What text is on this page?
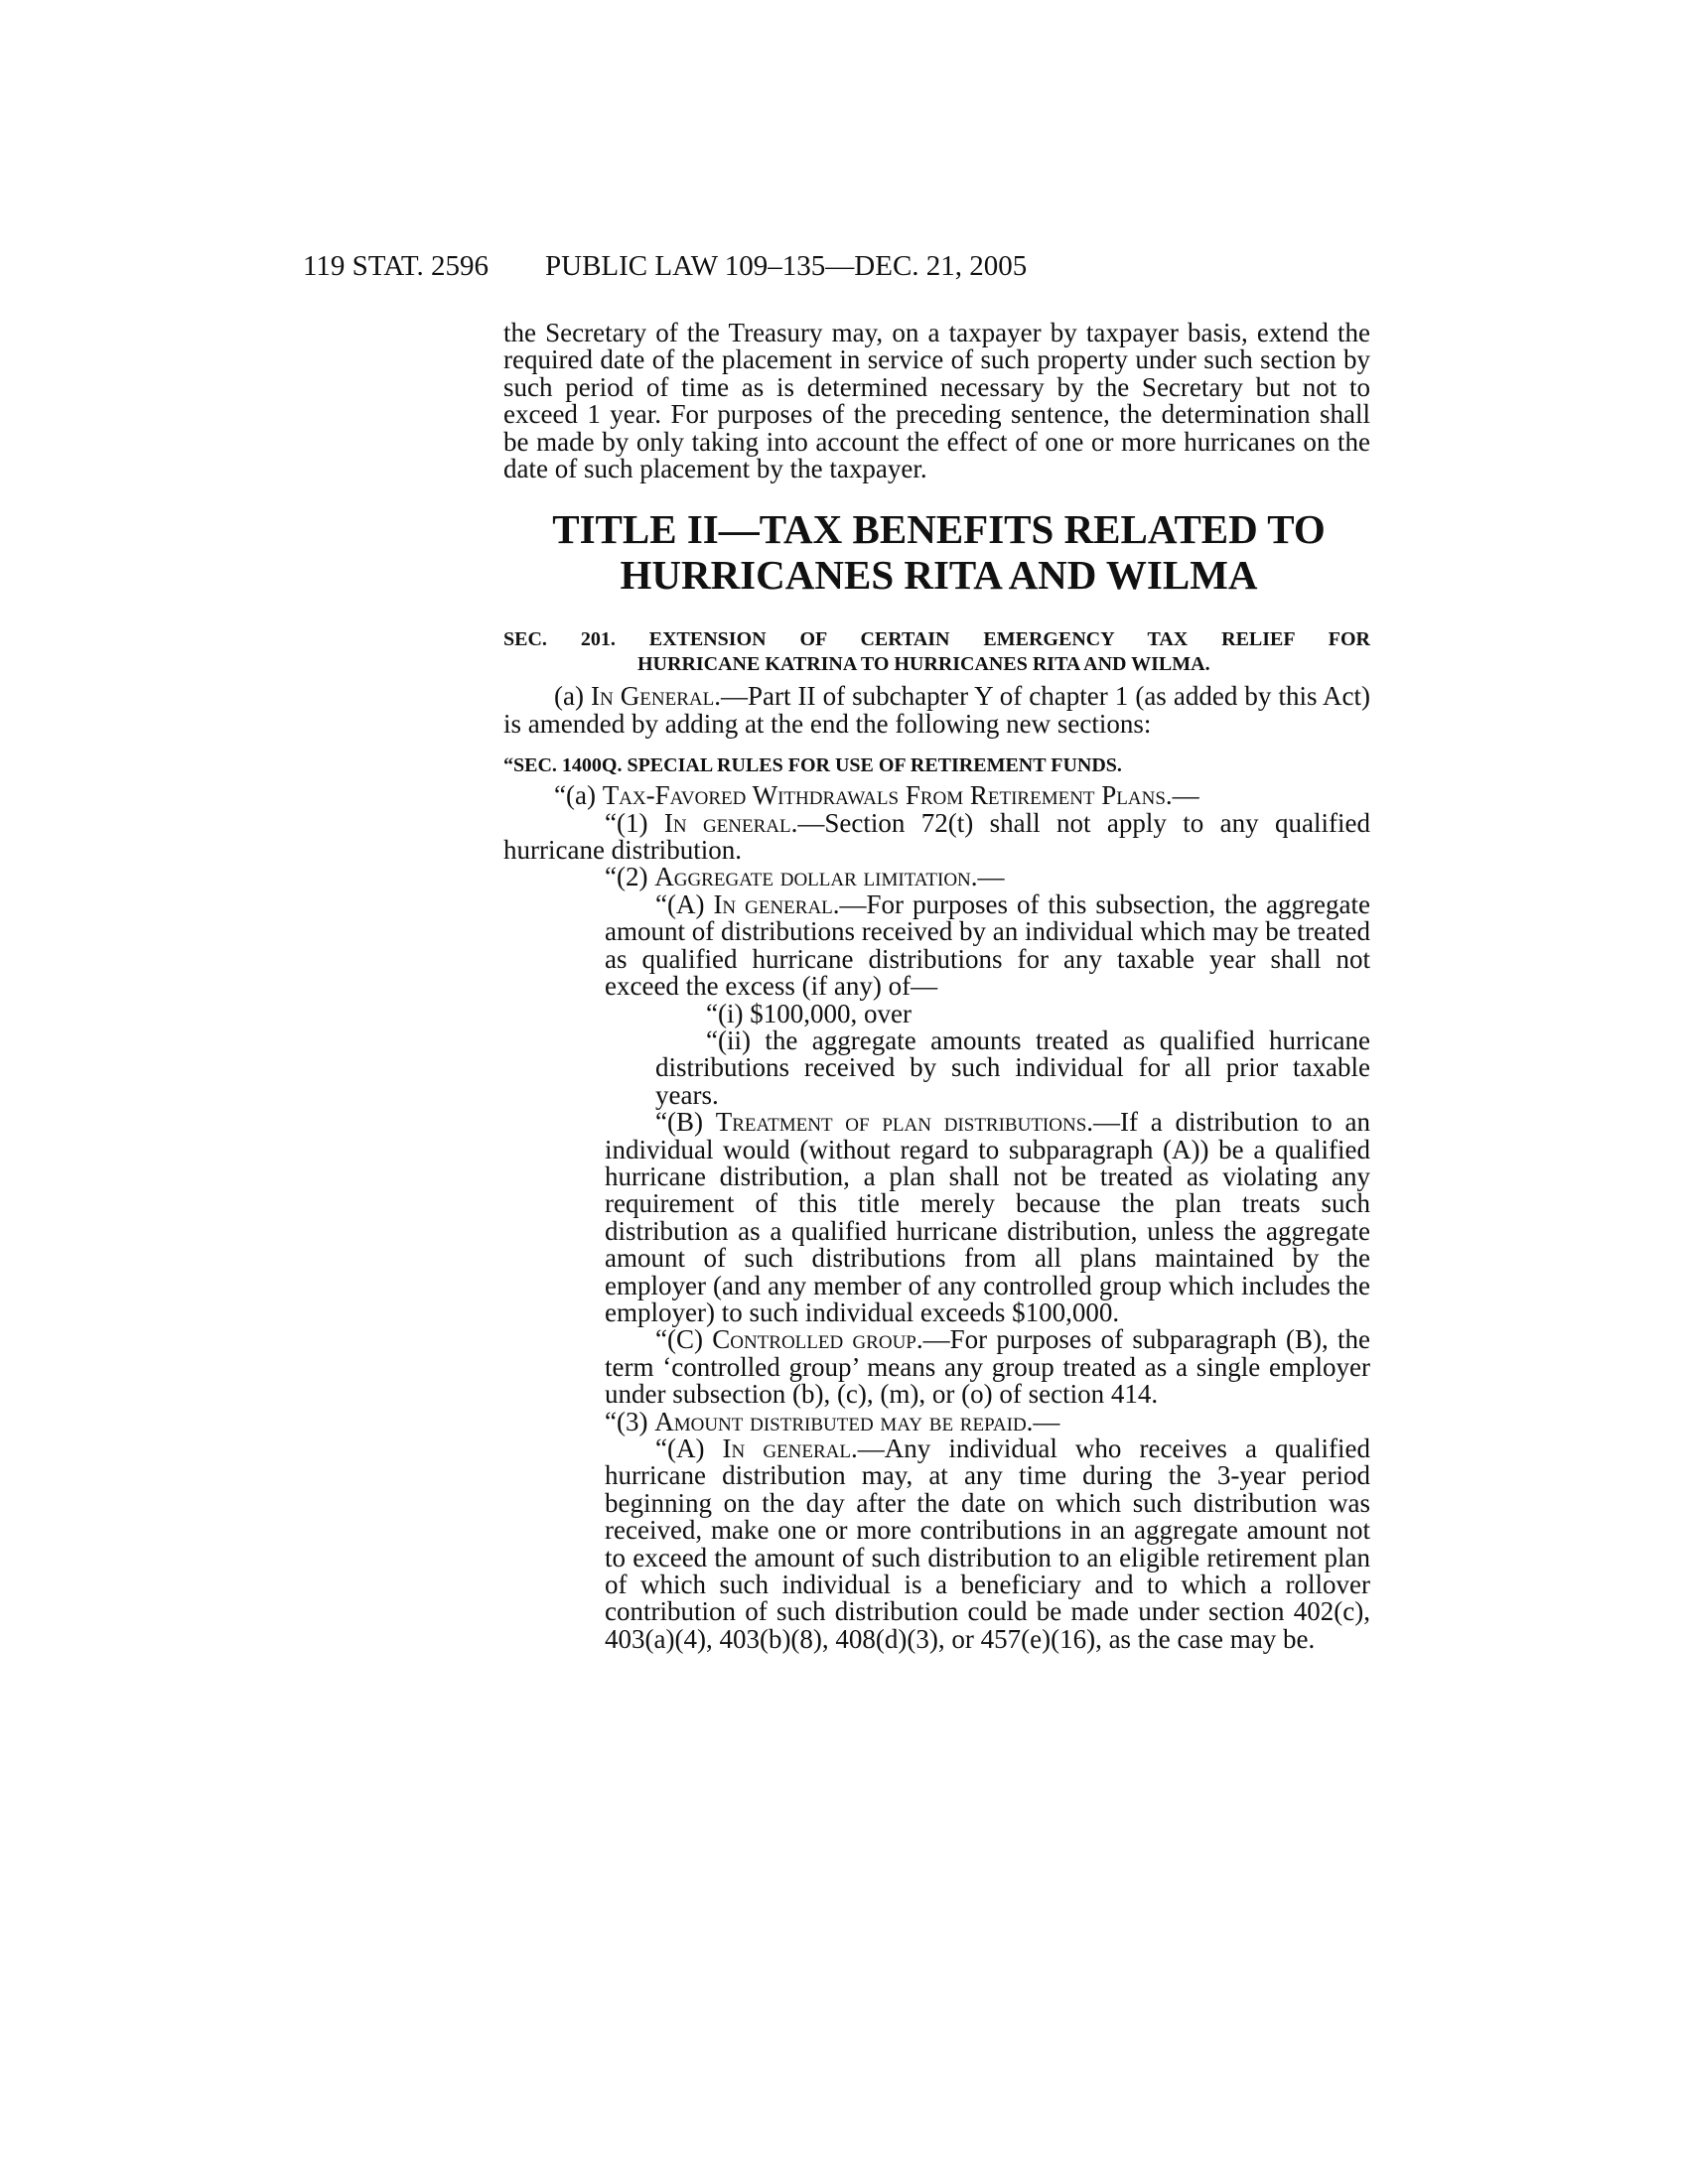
119 STAT. 2596 PUBLIC LAW 109–135—DEC. 21, 2005

the Secretary of the Treasury may, on a taxpayer by taxpayer basis, extend the required date of the placement in service of such property under such section by such period of time as is determined necessary by the Secretary but not to exceed 1 year. For purposes of the preceding sentence, the determination shall be made by only taking into account the effect of one or more hurricanes on the date of such placement by the taxpayer.

TITLE II—TAX BENEFITS RELATED TO
HURRICANES RITA AND WILMA
SEC. 201. EXTENSION OF CERTAIN EMERGENCY TAX RELIEF FOR
HURRICANE KATRINA TO HURRICANES RITA AND WILMA.

(a) In General.—Part II of subchapter Y of chapter 1 (as added by this Act) is amended by adding at the end the following new sections:

“SEC. 1400Q. SPECIAL RULES FOR USE OF RETIREMENT FUNDS.

“(a) Tax-Favored Withdrawals From Retirement Plans.—

“(1) In general.—Section 72(t) shall not apply to any qualified hurricane distribution.

“(2) Aggregate dollar limitation.—

“(A) In general.—For purposes of this subsection, the aggregate amount of distributions received by an individual which may be treated as qualified hurricane distributions for any taxable year shall not exceed the excess (if any) of—

“(i) $100,000, over

“(ii) the aggregate amounts treated as qualified hurricane distributions received by such individual for all prior taxable years.

“(B) Treatment of plan distributions.—If a distribution to an individual would (without regard to subparagraph (A)) be a qualified hurricane distribution, a plan shall not be treated as violating any requirement of this title merely because the plan treats such distribution as a qualified hurricane distribution, unless the aggregate amount of such distributions from all plans maintained by the employer (and any member of any controlled group which includes the employer) to such individual exceeds $100,000.

“(C) Controlled group.—For purposes of subparagraph (B), the term ‘controlled group’ means any group treated as a single employer under subsection (b), (c), (m), or (o) of section 414.

“(3) Amount distributed may be repaid.—

“(A) In general.—Any individual who receives a qualified hurricane distribution may, at any time during the 3-year period beginning on the day after the date on which such distribution was received, make one or more contributions in an aggregate amount not to exceed the amount of such distribution to an eligible retirement plan of which such individual is a beneficiary and to which a rollover contribution of such distribution could be made under section 402(c), 403(a)(4), 403(b)(8), 408(d)(3), or 457(e)(16), as the case may be.
